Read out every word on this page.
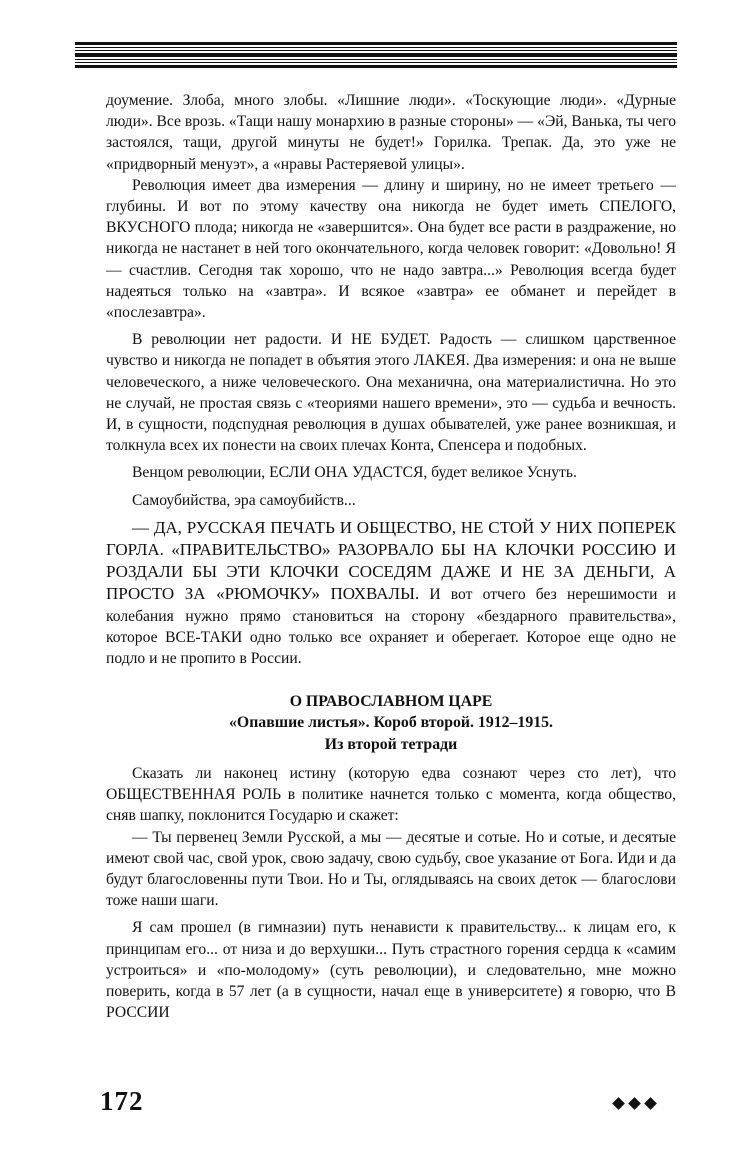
доумение. Злоба, много злобы. «Лишние люди». «Тоскующие люди». «Дурные люди». Все врозь. «Тащи нашу монархию в разные стороны» — «Эй, Ванька, ты чего застоялся, тащи, другой минуты не будет!» Горилка. Трепак. Да, это уже не «придворный менуэт», а «нравы Растеряевой улицы».

Революция имеет два измерения — длину и ширину, но не имеет третьего — глубины. И вот по этому качеству она никогда не будет иметь СПЕЛОГО, ВКУСНОГО плода; никогда не «завершится». Она будет все расти в раздражение, но никогда не настанет в ней того окончательного, когда человек говорит: «Довольно! Я — счастлив. Сегодня так хорошо, что не надо завтра...» Революция всегда будет надеяться только на «завтра». И всякое «завтра» ее обманет и перейдет в «послезавтра».

В революции нет радости. И НЕ БУДЕТ. Радость — слишком царственное чувство и никогда не попадет в объятия этого ЛАКЕЯ. Два измерения: и она не выше человеческого, а ниже человеческого. Она механична, она материалистична. Но это не случай, не простая связь с «теориями нашего времени», это — судьба и вечность. И, в сущности, подспудная революция в душах обывателей, уже ранее возникшая, и толкнула всех их понести на своих плечах Конта, Спенсера и подобных.

Венцом революции, ЕСЛИ ОНА УДАСТСЯ, будет великое Уснуть.

Самоубийства, эра самоубийств...

— ДА, РУССКАЯ ПЕЧАТЬ И ОБЩЕСТВО, НЕ СТОЙ У НИХ ПОПЕРЕК ГОРЛА. «ПРАВИТЕЛЬСТВО» РАЗОРВАЛО БЫ НА КЛОЧКИ РОССИЮ И РОЗДАЛИ БЫ ЭТИ КЛОЧКИ СОСЕДЯМ ДАЖЕ И НЕ ЗА ДЕНЬГИ, А ПРОСТО ЗА «РЮМОЧКУ» ПОХВАЛЫ. И вот отчего без нерешимости и колебания нужно прямо становиться на сторону «бездарного правительства», которое ВСЕ-ТАКИ одно только все охраняет и оберегает. Которое еще одно не подло и не пропито в России.

О ПРАВОСЛАВНОМ ЦАРЕ
«Опавшие листья». Короб второй. 1912–1915.
Из второй тетради

Сказать ли наконец истину (которую едва сознают через сто лет), что ОБЩЕСТВЕННАЯ РОЛЬ в политике начнется только с момента, когда общество, сняв шапку, поклонится Государю и скажет:

— Ты первенец Земли Русской, а мы — десятые и сотые. Но и сотые, и десятые имеют свой час, свой урок, свою задачу, свою судьбу, свое указание от Бога. Иди и да будут благословенны пути Твои. Но и Ты, оглядываясь на своих деток — благослови тоже наши шаги.

Я сам прошел (в гимназии) путь ненависти к правительству... к лицам его, к принципам его... от низа и до верхушки... Путь страстного горения сердца к «самим устроиться» и «по-молодому» (суть революции), и следовательно, мне можно поверить, когда в 57 лет (а в сущности, начал еще в университете) я говорю, что В РОССИИ

172
